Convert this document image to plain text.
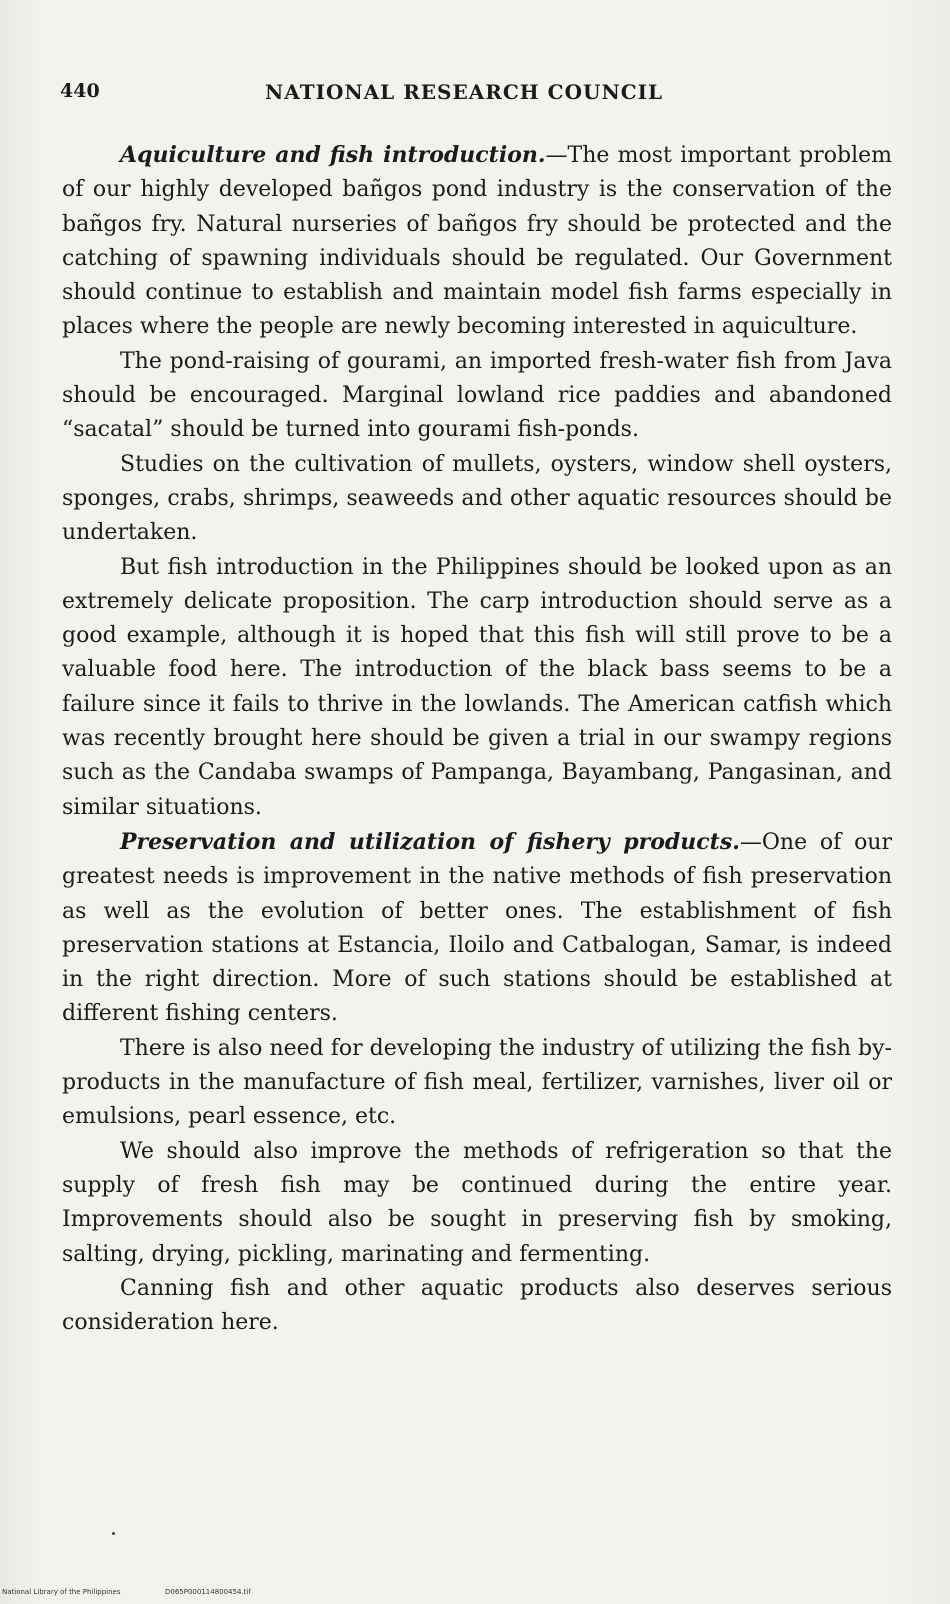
440	NATIONAL RESEARCH COUNCIL

Aquiculture and fish introduction.—The most important problem of our highly developed bañgos pond industry is the conservation of the bañgos fry. Natural nurseries of bañgos fry should be protected and the catching of spawning individuals should be regulated. Our Government should continue to establish and maintain model fish farms especially in places where the people are newly becoming interested in aquiculture.

The pond-raising of gourami, an imported fresh-water fish from Java should be encouraged. Marginal lowland rice paddies and abandoned “sacatal” should be turned into gourami fish-ponds.

Studies on the cultivation of mullets, oysters, window shell oysters, sponges, crabs, shrimps, seaweeds and other aquatic resources should be undertaken.

But fish introduction in the Philippines should be looked upon as an extremely delicate proposition. The carp introduction should serve as a good example, although it is hoped that this fish will still prove to be a valuable food here. The introduction of the black bass seems to be a failure since it fails to thrive in the lowlands. The American catfish which was recently brought here should be given a trial in our swampy regions such as the Candaba swamps of Pampanga, Bayambang, Pangasinan, and similar situations.

Preservation and utilization of fishery products.—One of our greatest needs is improvement in the native methods of fish preservation as well as the evolution of better ones. The establishment of fish preservation stations at Estancia, Iloilo and Catbalogan, Samar, is indeed in the right direction. More of such stations should be established at different fishing centers.

There is also need for developing the industry of utilizing the fish by-products in the manufacture of fish meal, fertilizer, varnishes, liver oil or emulsions, pearl essence, etc.

We should also improve the methods of refrigeration so that the supply of fresh fish may be continued during the entire year. Improvements should also be sought in preserving fish by smoking, salting, drying, pickling, marinating and fermenting.

Canning fish and other aquatic products also deserves serious consideration here.

National Library of the Philippines	D065P000114800454.tif
